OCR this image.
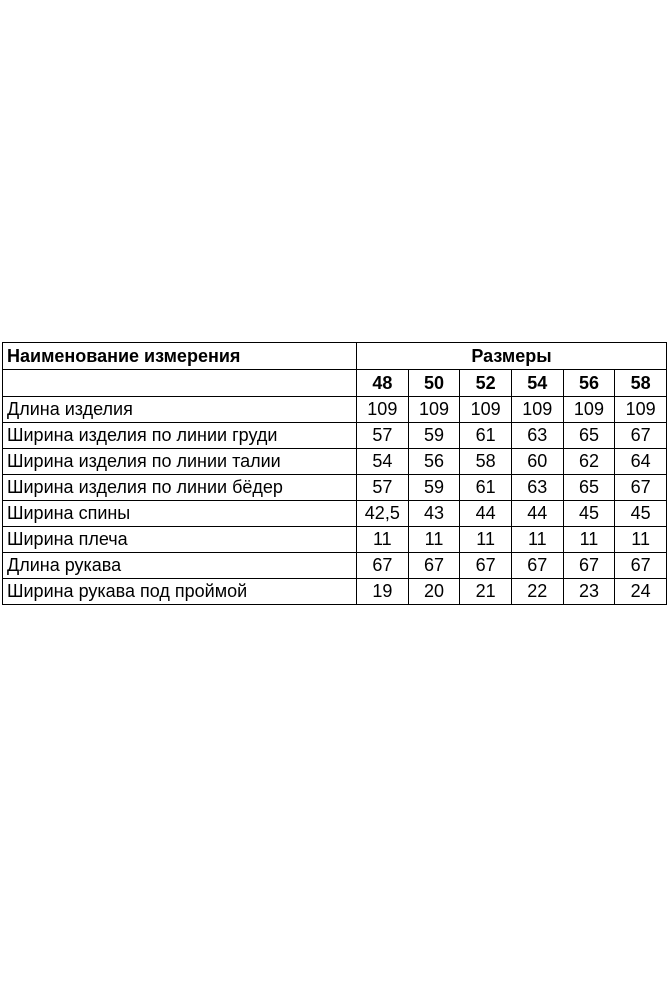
Наименование измерения	Размеры					
	48	50	52	54	56	58
Длина изделия	109	109	109	109	109	109
Ширина изделия по линии груди	57	59	61	63	65	67
Ширина изделия по линии талии	54	56	58	60	62	64
Ширина изделия по линии бёдер	57	59	61	63	65	67
Ширина спины	42,5	43	44	44	45	45
Ширина плеча	11	11	11	11	11	11
Длина рукава	67	67	67	67	67	67
Ширина рукава под проймой	19	20	21	22	23	24
